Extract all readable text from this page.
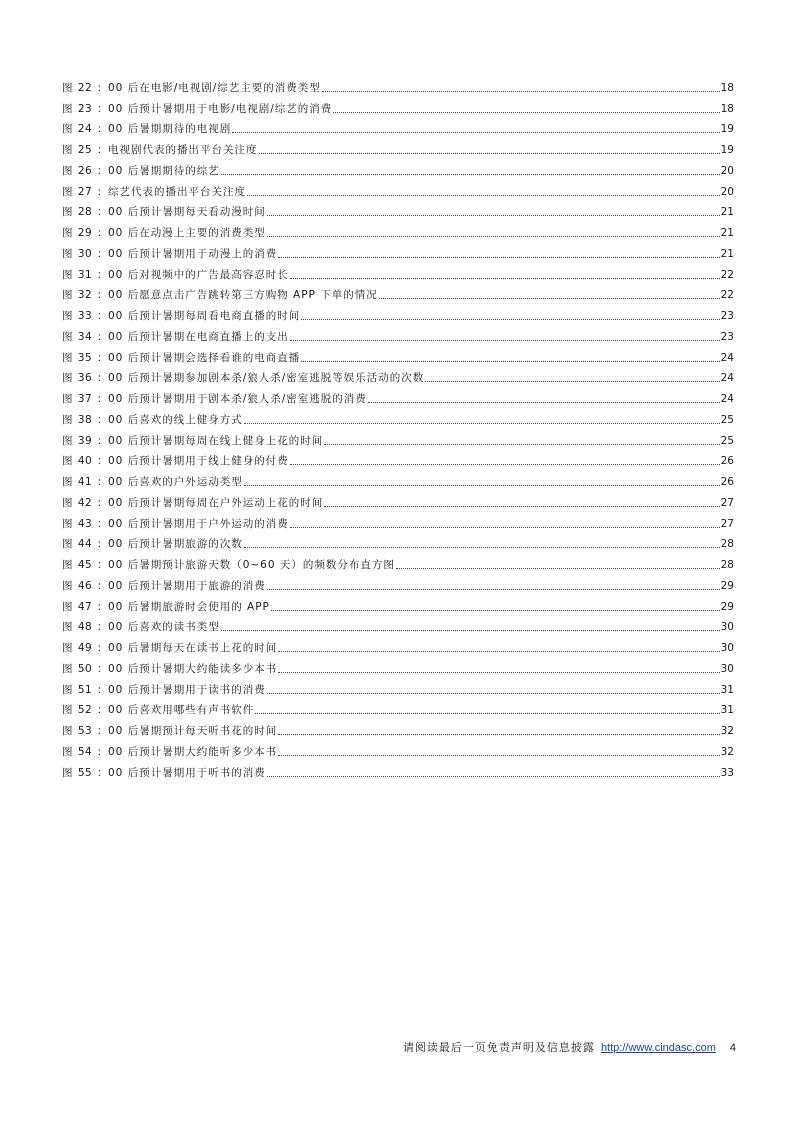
图 22 ： 00 后在电影/电视剧/综艺主要的消费类型	18
图 23 ： 00 后预计暑期用于电影/电视剧/综艺的消费	18
图 24 ： 00 后暑期期待的电视剧	19
图 25 ： 电视剧代表的播出平台关注度	19
图 26 ： 00 后暑期期待的综艺	20
图 27 ： 综艺代表的播出平台关注度	20
图 28 ： 00 后预计暑期每天看动漫时间	21
图 29 ： 00 后在动漫上主要的消费类型	21
图 30 ： 00 后预计暑期用于动漫上的消费	21
图 31 ： 00 后对视频中的广告最高容忍时长	22
图 32 ： 00 后愿意点击广告跳转第三方购物 APP 下单的情况	22
图 33 ： 00 后预计暑期每周看电商直播的时间	23
图 34 ： 00 后预计暑期在电商直播上的支出	23
图 35 ： 00 后预计暑期会选择看谁的电商直播	24
图 36 ： 00 后预计暑期参加剧本杀/狼人杀/密室逃脱等娱乐活动的次数	24
图 37 ： 00 后预计暑期用于剧本杀/狼人杀/密室逃脱的消费	24
图 38 ： 00 后喜欢的线上健身方式	25
图 39 ： 00 后预计暑期每周在线上健身上花的时间	25
图 40 ： 00 后预计暑期用于线上健身的付费	26
图 41 ： 00 后喜欢的户外运动类型	26
图 42 ： 00 后预计暑期每周在户外运动上花的时间	27
图 43 ： 00 后预计暑期用于户外运动的消费	27
图 44 ： 00 后预计暑期旅游的次数	28
图 45 ： 00 后暑期预计旅游天数（0~60 天）的频数分布直方图	28
图 46 ： 00 后预计暑期用于旅游的消费	29
图 47 ： 00 后暑期旅游时会使用的 APP	29
图 48 ： 00 后喜欢的读书类型	30
图 49 ： 00 后暑期每天在读书上花的时间	30
图 50 ： 00 后预计暑期大约能读多少本书	30
图 51 ： 00 后预计暑期用于读书的消费	31
图 52 ： 00 后喜欢用哪些有声书软件	31
图 53 ： 00 后暑期预计每天听书花的时间	32
图 54 ： 00 后预计暑期大约能听多少本书	32
图 55 ： 00 后预计暑期用于听书的消费	33
请阅读最后一页免责声明及信息披露 http://www.cindasc.com 4
